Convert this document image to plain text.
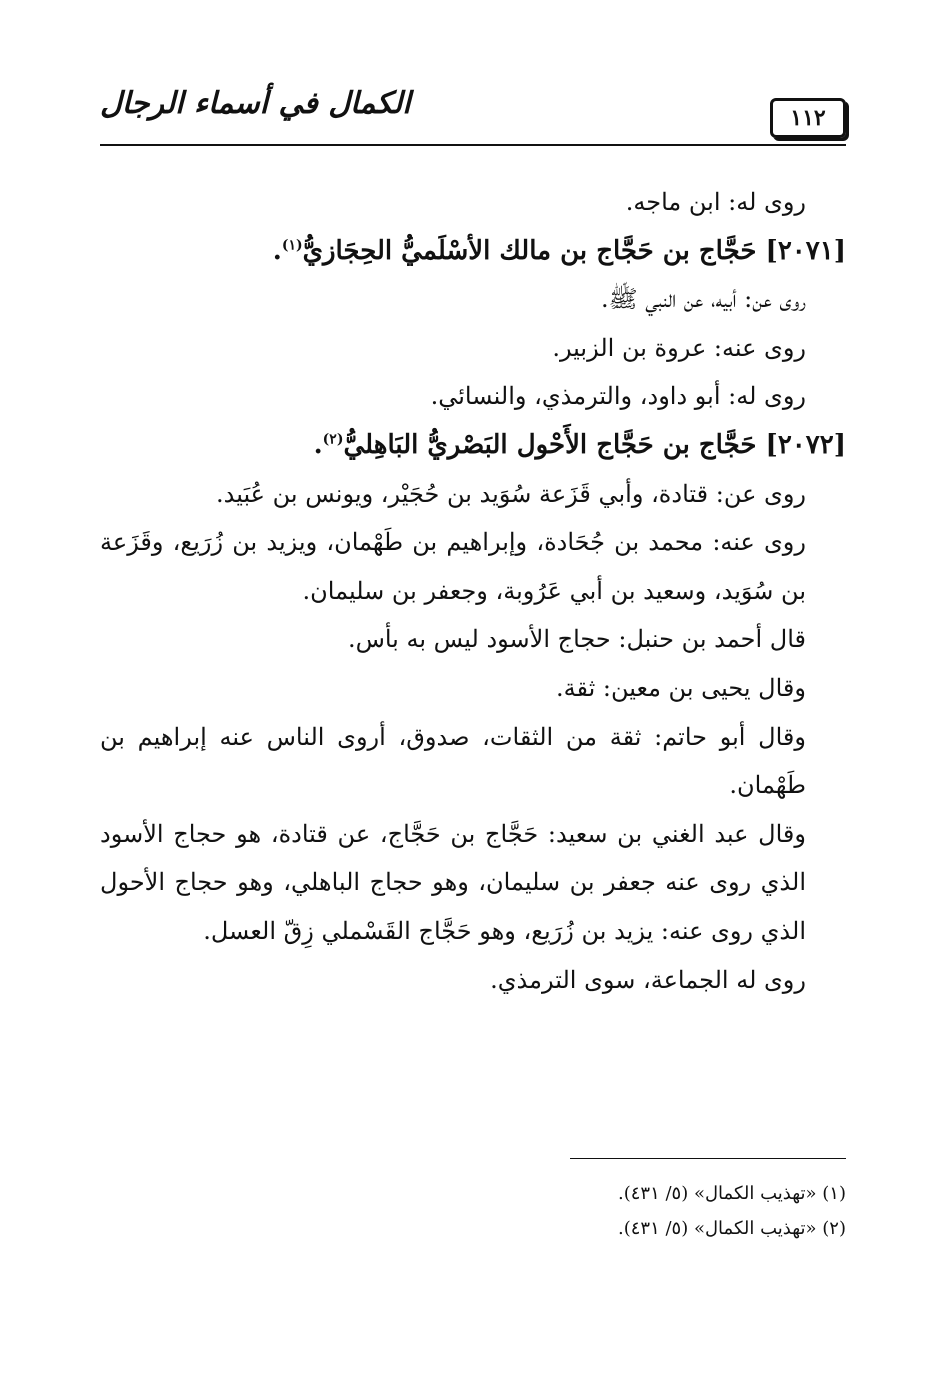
١١٢
الكمال في أسماء الرجال

روى له: ابن ماجه.

[٢٠٧١] حَجَّاج بن حَجَّاج بن مالك الأسْلَميُّ الحِجَازيُّ$^{(١)}$.

روى عن: أبيه، عن النبي ﷺ.

روى عنه: عروة بن الزبير.

روى له: أبو داود، والترمذي، والنسائي.

[٢٠٧٢] حَجَّاج بن حَجَّاج الأَحْول البَصْريُّ البَاهِليُّ$^{(٢)}$.

روى عن: قتادة، وأبي قَزَعة سُوَيد بن حُجَيْر، ويونس بن عُبَيد.

روى عنه: محمد بن جُحَادة، وإبراهيم بن طَهْمان، ويزيد بن زُرَيع، وقَزَعة بن سُوَيد، وسعيد بن أبي عَرُوبة، وجعفر بن سليمان.

قال أحمد بن حنبل: حجاج الأسود ليس به بأس.

وقال يحيى بن معين: ثقة.

وقال أبو حاتم: ثقة من الثقات، صدوق، أروى الناس عنه إبراهيم بن طَهْمان.

وقال عبد الغني بن سعيد: حَجَّاج بن حَجَّاج، عن قتادة، هو حجاج الأسود الذي روى عنه جعفر بن سليمان، وهو حجاج الباهلي، وهو حجاج الأحول الذي روى عنه: يزيد بن زُرَيع، وهو حَجَّاج القَسْملي زِقّ العسل.

روى له الجماعة، سوى الترمذي.

(١) «تهذيب الكمال» (٥/ ٤٣١).

(٢) «تهذيب الكمال» (٥/ ٤٣١).
